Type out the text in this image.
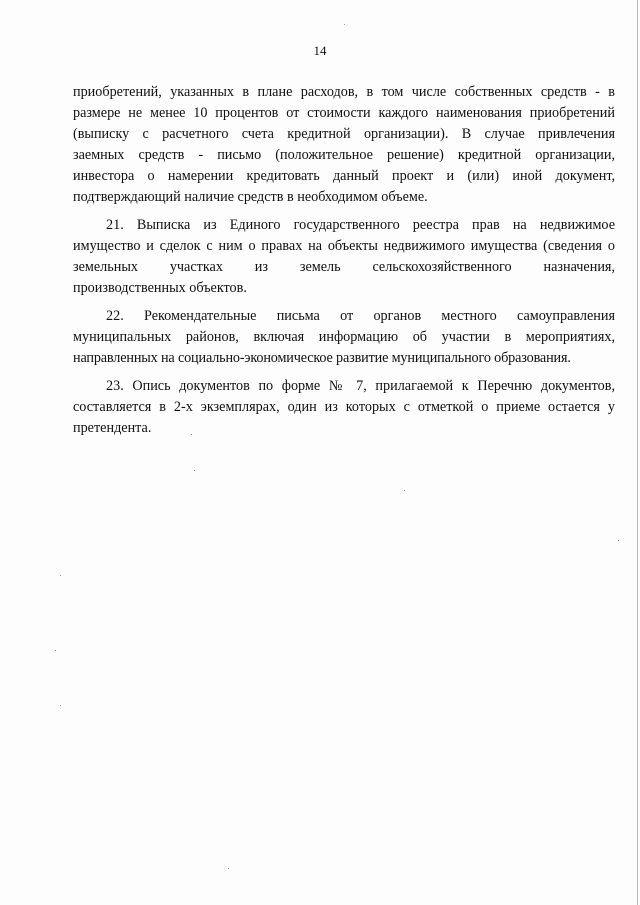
14
приобретений, указанных в плане расходов, в том числе собственных средств - в
размере не менее 10 процентов от стоимости каждого наименования приобретений
(выписку с расчетного счета кредитной организации). В случае привлечения
заемных средств - письмо (положительное решение) кредитной организации,
инвестора о намерении кредитовать данный проект и (или) иной документ,
подтверждающий наличие средств в необходимом объеме.
21. Выписка из Единого государственного реестра прав на недвижимое
имущество и сделок с ним о правах на объекты недвижимого имущества (сведения о
земельных участках из земель сельскохозяйственного назначения,
производственных объектов.
22. Рекомендательные письма от органов местного самоуправления
муниципальных районов, включая информацию об участии в мероприятиях,
направленных на социально-экономическое развитие муниципального образования.
23. Опись документов по форме № 7, прилагаемой к Перечню документов,
составляется в 2-х экземплярах, один из которых с отметкой о приеме остается у
претендента.
